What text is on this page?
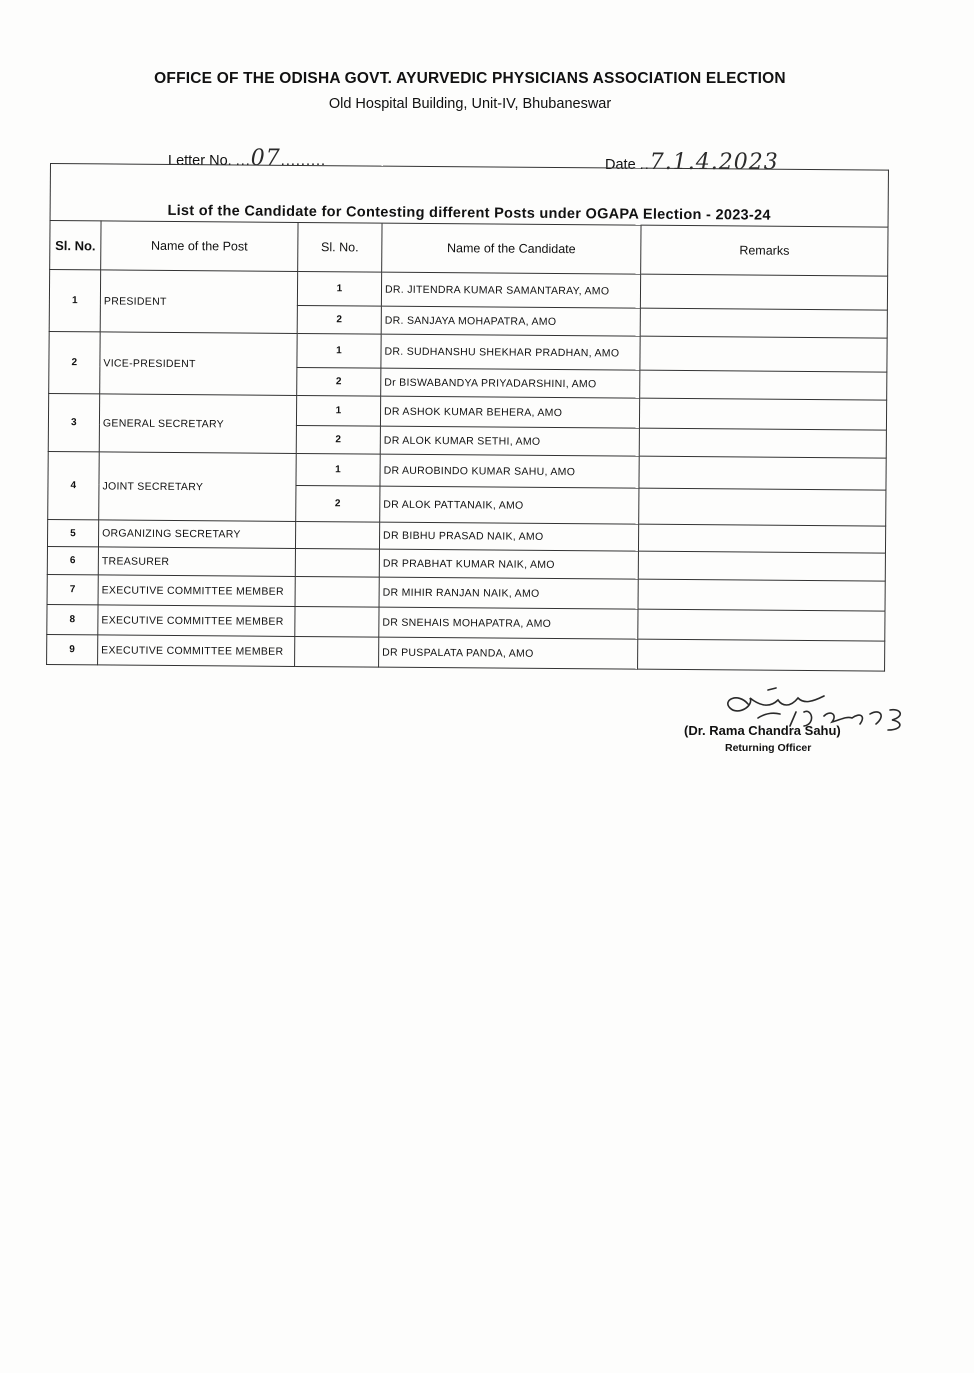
OFFICE OF THE ODISHA GOVT. AYURVEDIC PHYSICIANS ASSOCIATION ELECTION
Old Hospital Building, Unit-IV, Bhubaneswar
Letter No. ...07.........	Date ..7.1.4.2023
List of the Candidate for Contesting different Posts under OGAPA Election - 2023-24				
Sl. No.	Name of the Post	Sl. No.	Name of the Candidate	Remarks
1	PRESIDENT	1	DR. JITENDRA KUMAR SAMANTARAY, AMO	
		2	DR. SANJAYA MOHAPATRA, AMO	
2	VICE-PRESIDENT	1	DR. SUDHANSHU SHEKHAR PRADHAN, AMO	
		2	Dr BISWABANDYA PRIYADARSHINI, AMO	
3	GENERAL SECRETARY	1	DR ASHOK KUMAR BEHERA, AMO	
		2	DR ALOK KUMAR SETHI, AMO	
4	JOINT SECRETARY	1	DR AUROBINDO KUMAR SAHU, AMO	
		2	DR ALOK PATTANAIK, AMO	
5	ORGANIZING SECRETARY		DR BIBHU PRASAD NAIK, AMO	
6	TREASURER		DR PRABHAT KUMAR NAIK, AMO	
7	EXECUTIVE COMMITTEE MEMBER		DR MIHIR RANJAN NAIK, AMO	
8	EXECUTIVE COMMITTEE MEMBER		DR SNEHAIS MOHAPATRA, AMO	
9	EXECUTIVE COMMITTEE MEMBER		DR PUSPALATA PANDA, AMO	
(Dr. Rama Chandra Sahu)
Returning Officer
